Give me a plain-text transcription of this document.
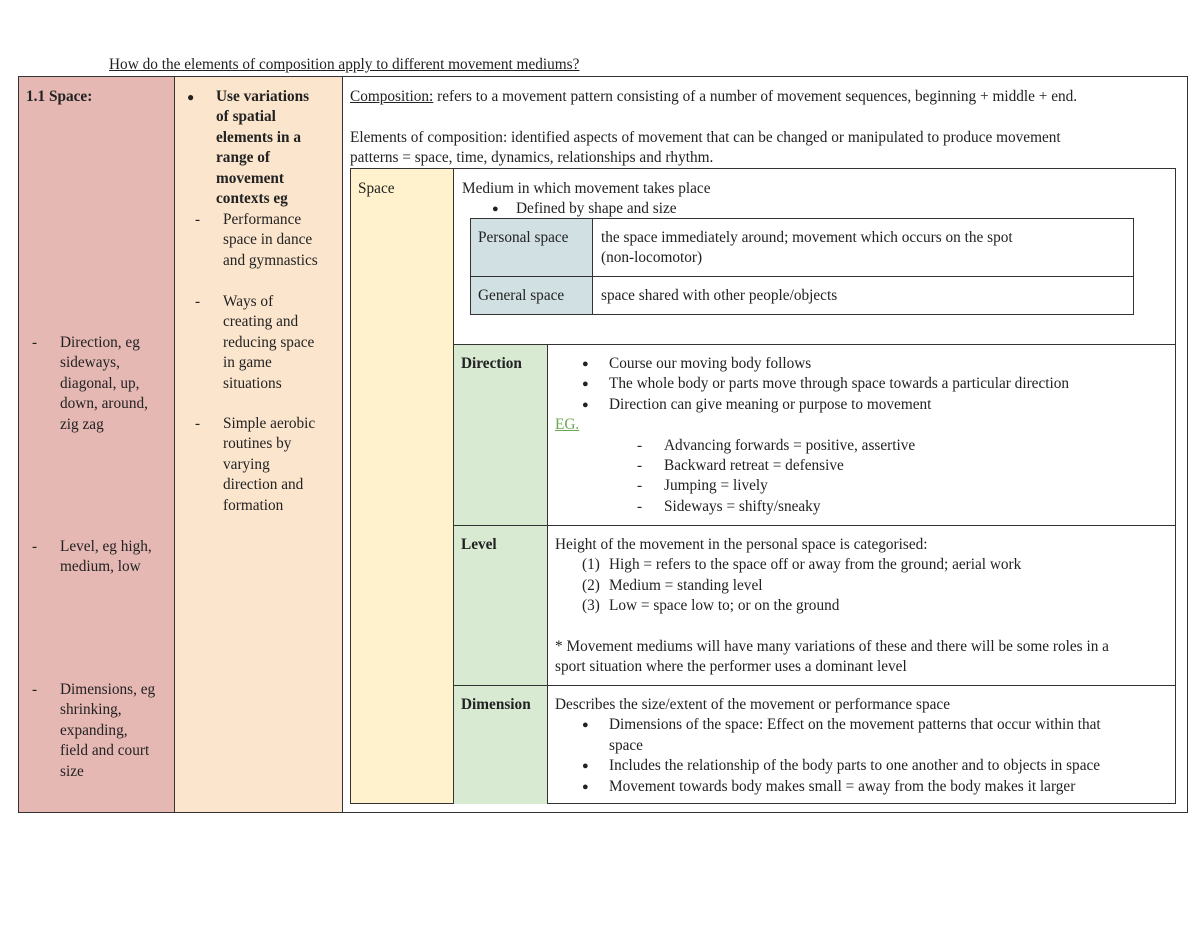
How do the elements of composition apply to different movement mediums?

1.1 Space:
- Direction, eg
sideways,
diagonal, up,
down, around,
zig zag
- Level, eg high,
medium, low
- Dimensions, eg
shrinking,
expanding,
field and court
size
● Use variations
of spatial
elements in a
range of
movement
contexts eg
- Performance
space in dance
and gymnastics
- Ways of
creating and
reducing space
in game
situations
- Simple aerobic
routines by
varying
direction and
formation
Composition: refers to a movement pattern consisting of a number of movement sequences, beginning + middle + end.
Elements of composition: identified aspects of movement that can be changed or manipulated to produce movement
patterns = space, time, dynamics, relationships and rhythm.
Space	Medium in which movement takes place
● Defined by shape and size
Personal space the space immediately around; movement which occurs on the spot
(non-locomotor)
General space space shared with other people/objects
Direction
Level
Dimension
● Course our moving body follows
● The whole body or parts move through space towards a particular direction
● Direction can give meaning or purpose to movement
EG.
- Advancing forwards = positive, assertive
- Backward retreat = defensive
- Jumping = lively
- Sideways = shifty/sneaky
Height of the movement in the personal space is categorised:
(1) High = refers to the space off or away from the ground; aerial work
(2) Medium = standing level
(3) Low = space low to; or on the ground
* Movement mediums will have many variations of these and there will be some roles in a
sport situation where the performer uses a dominant level
Describes the size/extent of the movement or performance space
● Dimensions of the space: Effect on the movement patterns that occur within that
space
● Includes the relationship of the body parts to one another and to objects in space
● Movement towards body makes small = away from the body makes it larger
